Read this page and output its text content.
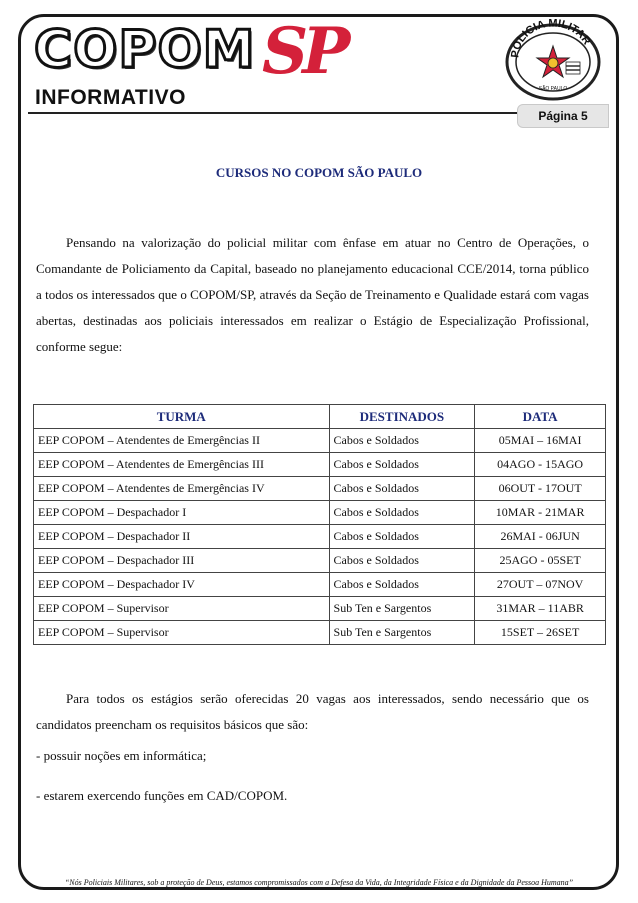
COPOM SP
INFORMATIVO
POLICIA MILITAR
SÃO PAULO
Página 5
CURSOS NO COPOM SÃO PAULO
Pensando na valorização do policial militar com ênfase em atuar no Centro de Operações, o Comandante de Policiamento da Capital, baseado no planejamento educacional CCE/2014, torna público a todos os interessados que o COPOM/SP, através da Seção de Treinamento e Qualidade estará com vagas abertas, destinadas aos policiais interessados em realizar o Estágio de Especialização Profissional, conforme segue:
TURMA	DESTINADOS	DATA
EEP COPOM – Atendentes de Emergências II	Cabos e Soldados	05MAI – 16MAI
EEP COPOM – Atendentes de Emergências III	Cabos e Soldados	04AGO - 15AGO
EEP COPOM – Atendentes de Emergências IV	Cabos e Soldados	06OUT - 17OUT
EEP COPOM – Despachador I	Cabos e Soldados	10MAR - 21MAR
EEP COPOM – Despachador II	Cabos e Soldados	26MAI - 06JUN
EEP COPOM – Despachador III	Cabos e Soldados	25AGO - 05SET
EEP COPOM – Despachador IV	Cabos e Soldados	27OUT – 07NOV
EEP COPOM – Supervisor	Sub Ten e Sargentos	31MAR – 11ABR
EEP COPOM – Supervisor	Sub Ten e Sargentos	15SET – 26SET
Para todos os estágios serão oferecidas 20 vagas aos interessados, sendo necessário que os candidatos preencham os requisitos básicos que são:
- possuir noções em informática;
- estarem exercendo funções em CAD/COPOM.
“Nós Policiais Militares, sob a proteção de Deus, estamos compromissados com a Defesa da Vida, da Integridade Física e da Dignidade da Pessoa Humana”
